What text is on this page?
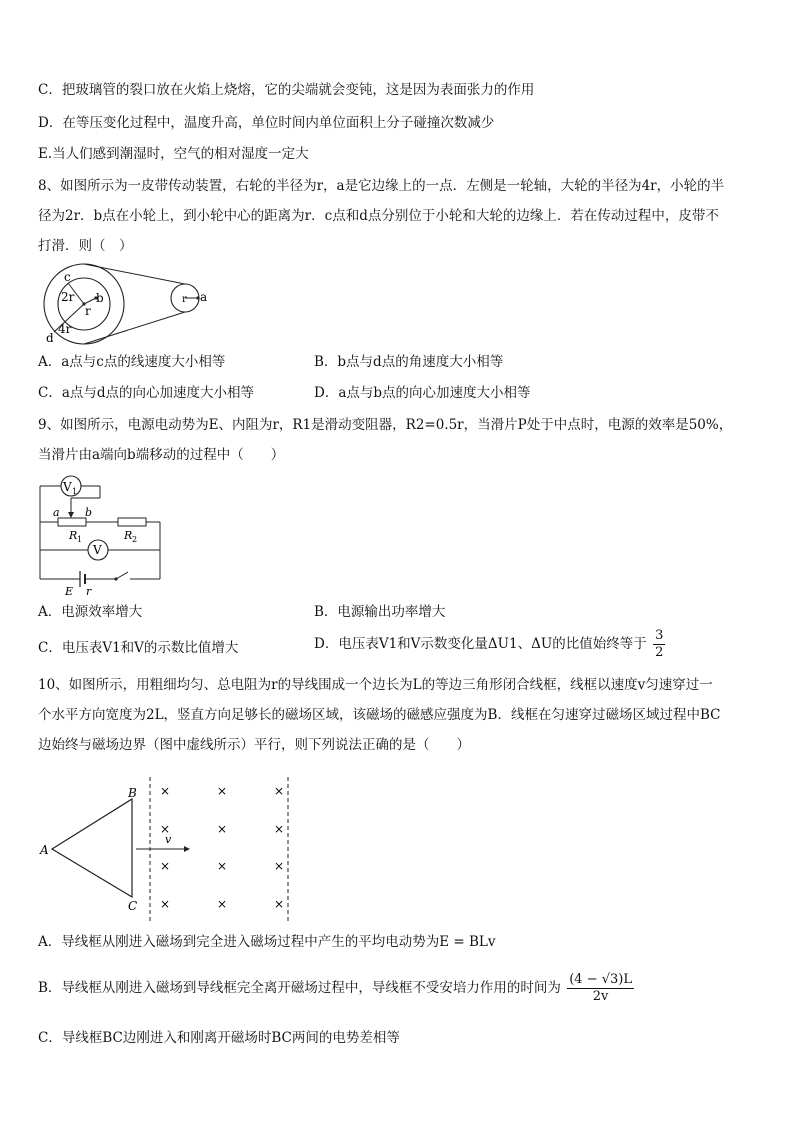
C．把玻璃管的裂口放在火焰上烧熔，它的尖端就会变钝，这是因为表面张力的作用
D．在等压变化过程中，温度升高，单位时间内单位面积上分子碰撞次数减少
E.当人们感到潮湿时，空气的相对湿度一定大
8、如图所示为一皮带传动装置，右轮的半径为r，a是它边缘上的一点．左侧是一轮轴，大轮的半径为4r，小轮的半
径为2r．b点在小轮上，到小轮中心的距离为r．c点和d点分别位于小轮和大轮的边缘上．若在传动过程中，皮带不
打滑．则（　）
c
2r b
r
4r
d
r a
A．a点与c点的线速度大小相等	B．b点与d点的角速度大小相等
C．a点与d点的向心加速度大小相等	D．a点与b点的向心加速度大小相等
9、如图所示，电源电动势为E、内阻为r，R1是滑动变阻器，R2=0.5r，当滑片P处于中点时，电源的效率是50%，
当滑片由a端向b端移动的过程中（　　）
V 1
a b
R 1	R 2
V
E r
A．电源效率增大	B．电源输出功率增大
C．电压表V1和V的示数比值增大	D．电压表V1和V示数变化量ΔU1、ΔU的比值始终等于 $\frac{3}{2}$
10、如图所示，用粗细均匀、总电阻为r的导线围成一个边长为L的等边三角形闭合线框，线框以速度v匀速穿过一
个水平方向宽度为2L，竖直方向足够长的磁场区域，该磁场的磁感应强度为B．线框在匀速穿过磁场区域过程中BC
边始终与磁场边界（图中虚线所示）平行，则下列说法正确的是（　　）
A
B
C
v
×	×	×
×	×	×
×	×	×
×	×	×
A．导线框从刚进入磁场到完全进入磁场过程中产生的平均电动势为E = BLv
B．导线框从刚进入磁场到导线框完全离开磁场过程中，导线框不受安培力作用的时间为 $\frac{(4 - √3)L}{2v}$
C．导线框BC边刚进入和刚离开磁场时BC两间的电势差相等
